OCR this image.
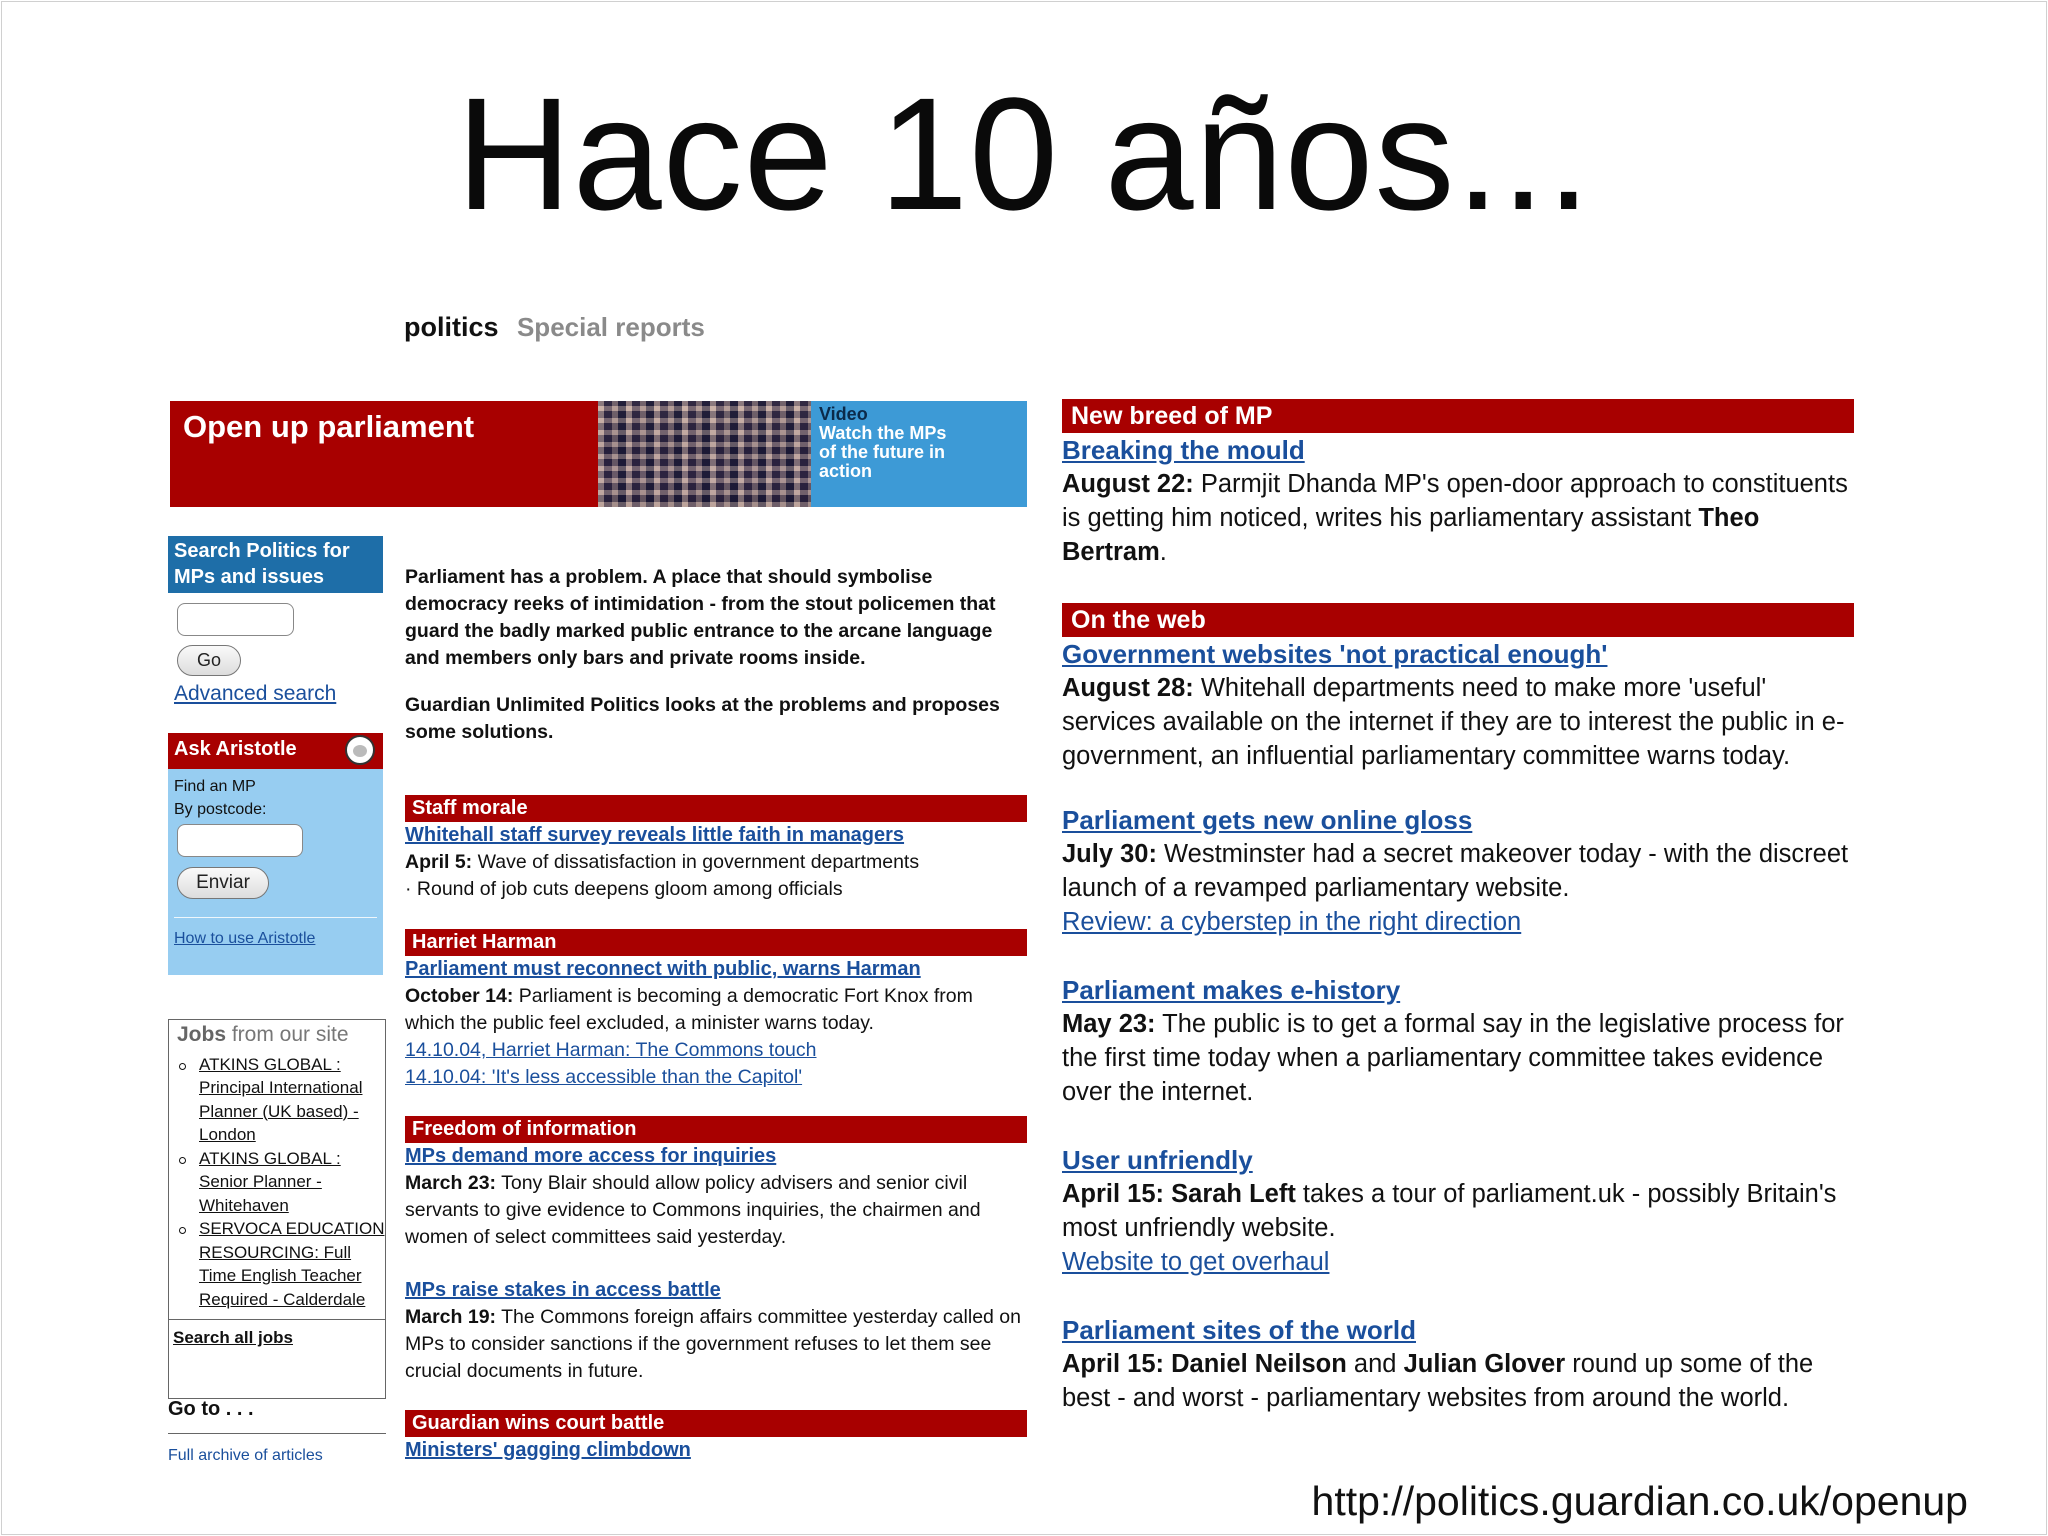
Hace 10 años...
politics Special reports
Open up parliament	Video
Watch the MPs
of the future in
action
Search Politics for
MPs and issues
Go
Advanced search
Ask Aristotle
Find an MP
By postcode:
Enviar
How to use Aristotle
Jobs from our site
ATKINS GLOBAL : Principal International Planner (UK based) - London
ATKINS GLOBAL : Senior Planner - Whitehaven
SERVOCA EDUCATION RESOURCING: Full Time English Teacher Required - Calderdale
Search all jobs
Go to . . .
Full archive of articles

Parliament has a problem. A place that should symbolise democracy reeks of intimidation - from the stout policemen that guard the badly marked public entrance to the arcane language and members only bars and private rooms inside.

Guardian Unlimited Politics looks at the problems and proposes some solutions.

Staff morale
Whitehall staff survey reveals little faith in managers
April 5: Wave of dissatisfaction in government departments
· Round of job cuts deepens gloom among officials
Harriet Harman
Parliament must reconnect with public, warns Harman
October 14: Parliament is becoming a democratic Fort Knox from which the public feel excluded, a minister warns today.
14.10.04, Harriet Harman: The Commons touch
14.10.04: 'It's less accessible than the Capitol'
Freedom of information
MPs demand more access for inquiries
March 23: Tony Blair should allow policy advisers and senior civil servants to give evidence to Commons inquiries, the chairmen and women of select committees said yesterday.
MPs raise stakes in access battle
March 19: The Commons foreign affairs committee yesterday called on MPs to consider sanctions if the government refuses to let them see crucial documents in future.
Guardian wins court battle
Ministers' gagging climbdown
New breed of MP
Breaking the mould
August 22: Parmjit Dhanda MP's open-door approach to constituents is getting him noticed, writes his parliamentary assistant Theo Bertram.
On the web
Government websites 'not practical enough'
August 28: Whitehall departments need to make more 'useful' services available on the internet if they are to interest the public in e-government, an influential parliamentary committee warns today.
Parliament gets new online gloss
July 30: Westminster had a secret makeover today - with the discreet launch of a revamped parliamentary website.
Review: a cyberstep in the right direction
Parliament makes e-history
May 23: The public is to get a formal say in the legislative process for the first time today when a parliamentary committee takes evidence over the internet.
User unfriendly
April 15: Sarah Left takes a tour of parliament.uk - possibly Britain's most unfriendly website.
Website to get overhaul
Parliament sites of the world
April 15: Daniel Neilson and Julian Glover round up some of the best - and worst - parliamentary websites from around the world.
http://politics.guardian.co.uk/openup
